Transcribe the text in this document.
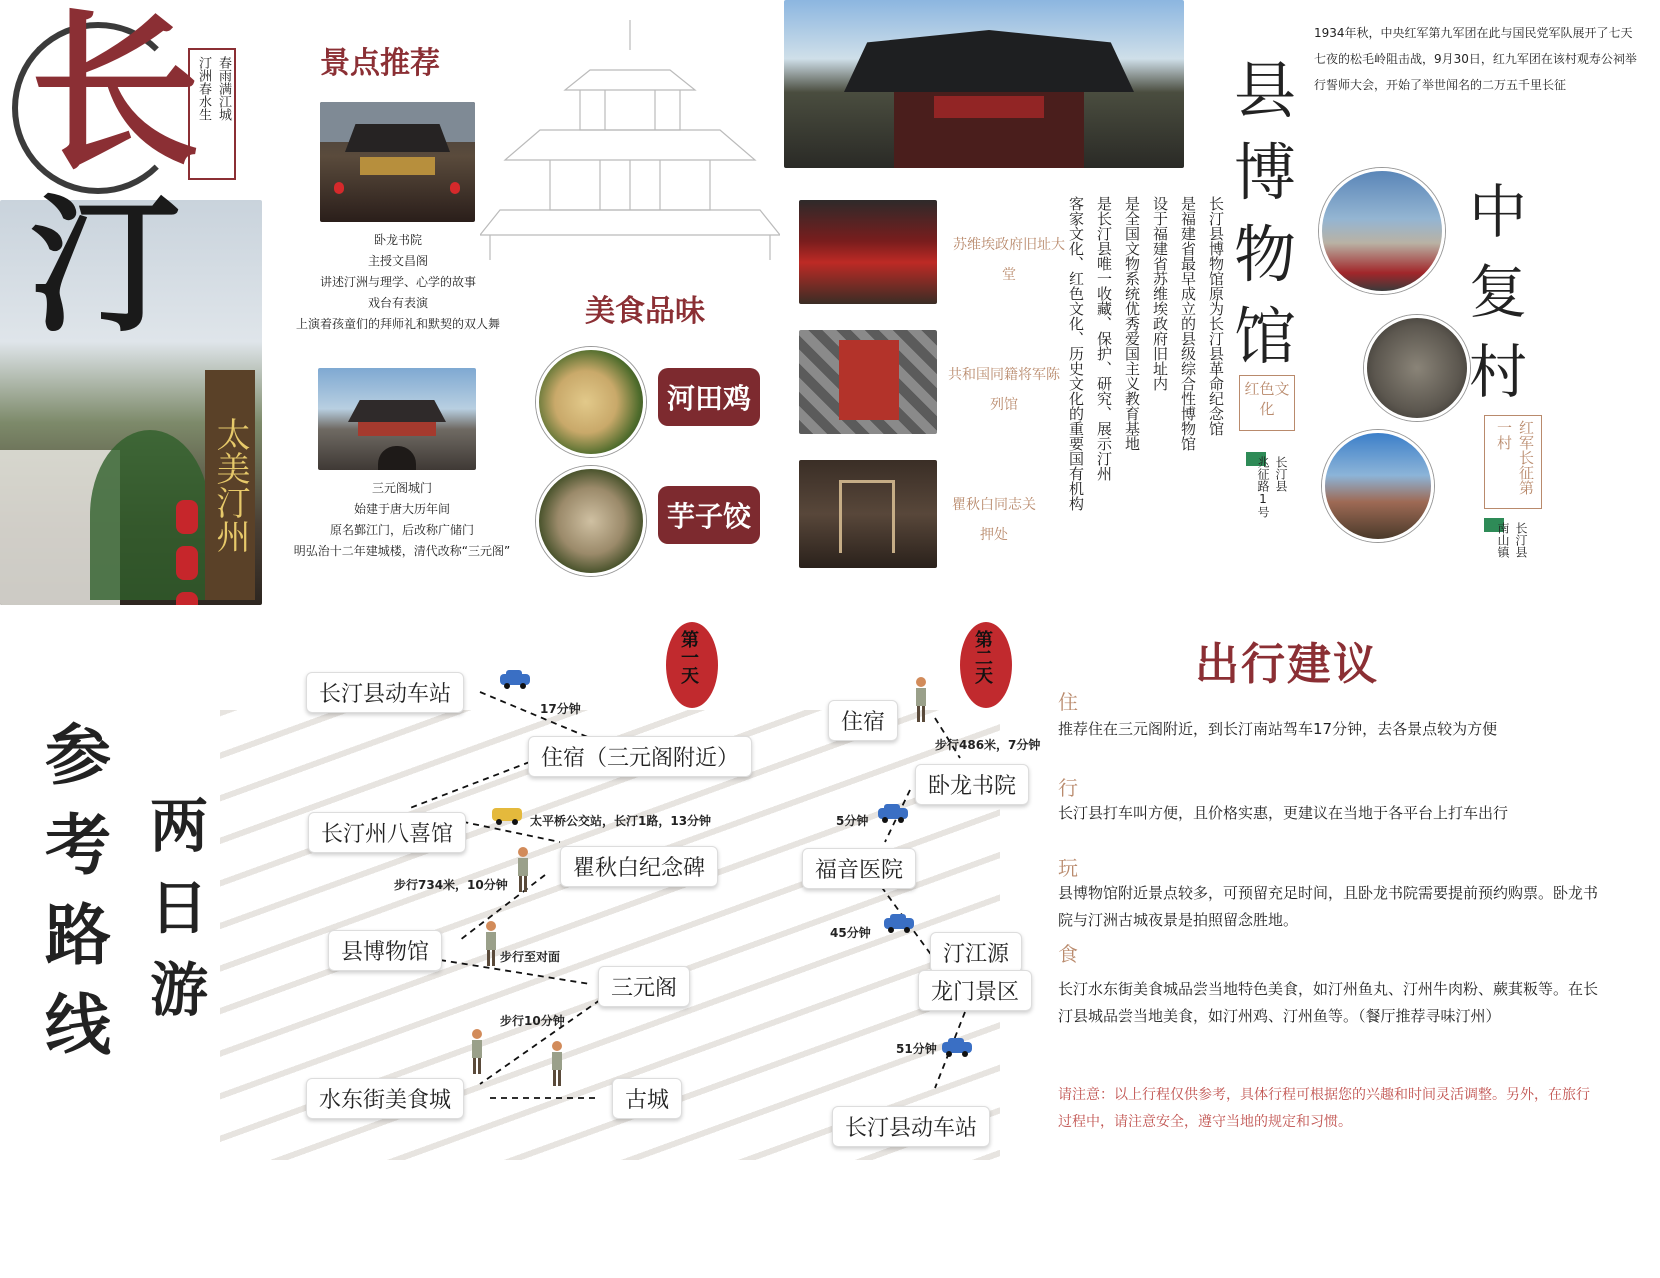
太美汀州
长
汀
春雨满江城
汀洲春水生	景点推荐
卧龙书院
主授文昌阁
讲述汀洲与理学、心学的故事
戏台有表演
上演着孩童们的拜师礼和默契的双人舞
三元阁城门
始建于唐大历年间
原名鄞江门，后改称广储门
明弘治十二年建城楼，清代改称“三元阁”
美食品味
河田鸡
芋子饺
县
博
物
馆
长汀县博物馆原为长汀县革命纪念馆
是福建省最早成立的县级综合性博物馆
设于福建省苏维埃政府旧址内
是全国文物系统优秀爱国主义教育基地
是长汀县唯一收藏、保护、研究、展示汀州
客家文化、红色文化、历史文化的重要国有机构
苏维埃政府旧址大堂
共和国同籍将军陈列馆
瞿秋白同志关押处
红色文化
长汀县
兆征路1号
1934年秋，中央红军第九军团在此与国民党军队展开了七天七夜的松毛岭阻击战，9月30日，红九军团在该村观寿公祠举行誓师大会，开始了举世闻名的二万五千里长征
中
复
村
红军长征第一村
长汀县
南山镇
参
考
路
线
两
日
游
第一天	第二天
长汀县动车站
住宿（三元阁附近）
长汀州八喜馆
瞿秋白纪念碑
县博物馆
三元阁
水东街美食城	古城
17分钟
太平桥公交站，长汀1路，13分钟
步行734米，10分钟
步行至对面
步行10分钟
住宿
卧龙书院
福音医院
汀江源
龙门景区
长汀县动车站
步行486米，7分钟
5分钟
45分钟
51分钟
出行建议
住
推荐住在三元阁附近，到长汀南站驾车17分钟，去各景点较为方便
行
长汀县打车叫方便，且价格实惠，更建议在当地于各平台上打车出行
玩
县博物馆附近景点较多，可预留充足时间，且卧龙书院需要提前预约购票。卧龙书院与汀洲古城夜景是拍照留念胜地。
食
长汀水东街美食城品尝当地特色美食，如汀州鱼丸、汀州牛肉粉、蕨萁粄等。在长汀县城品尝当地美食，如汀州鸡、汀州鱼等。（餐厅推荐寻味汀州）
请注意：以上行程仅供参考，具体行程可根据您的兴趣和时间灵活调整。另外，在旅行过程中，请注意安全，遵守当地的规定和习惯。
